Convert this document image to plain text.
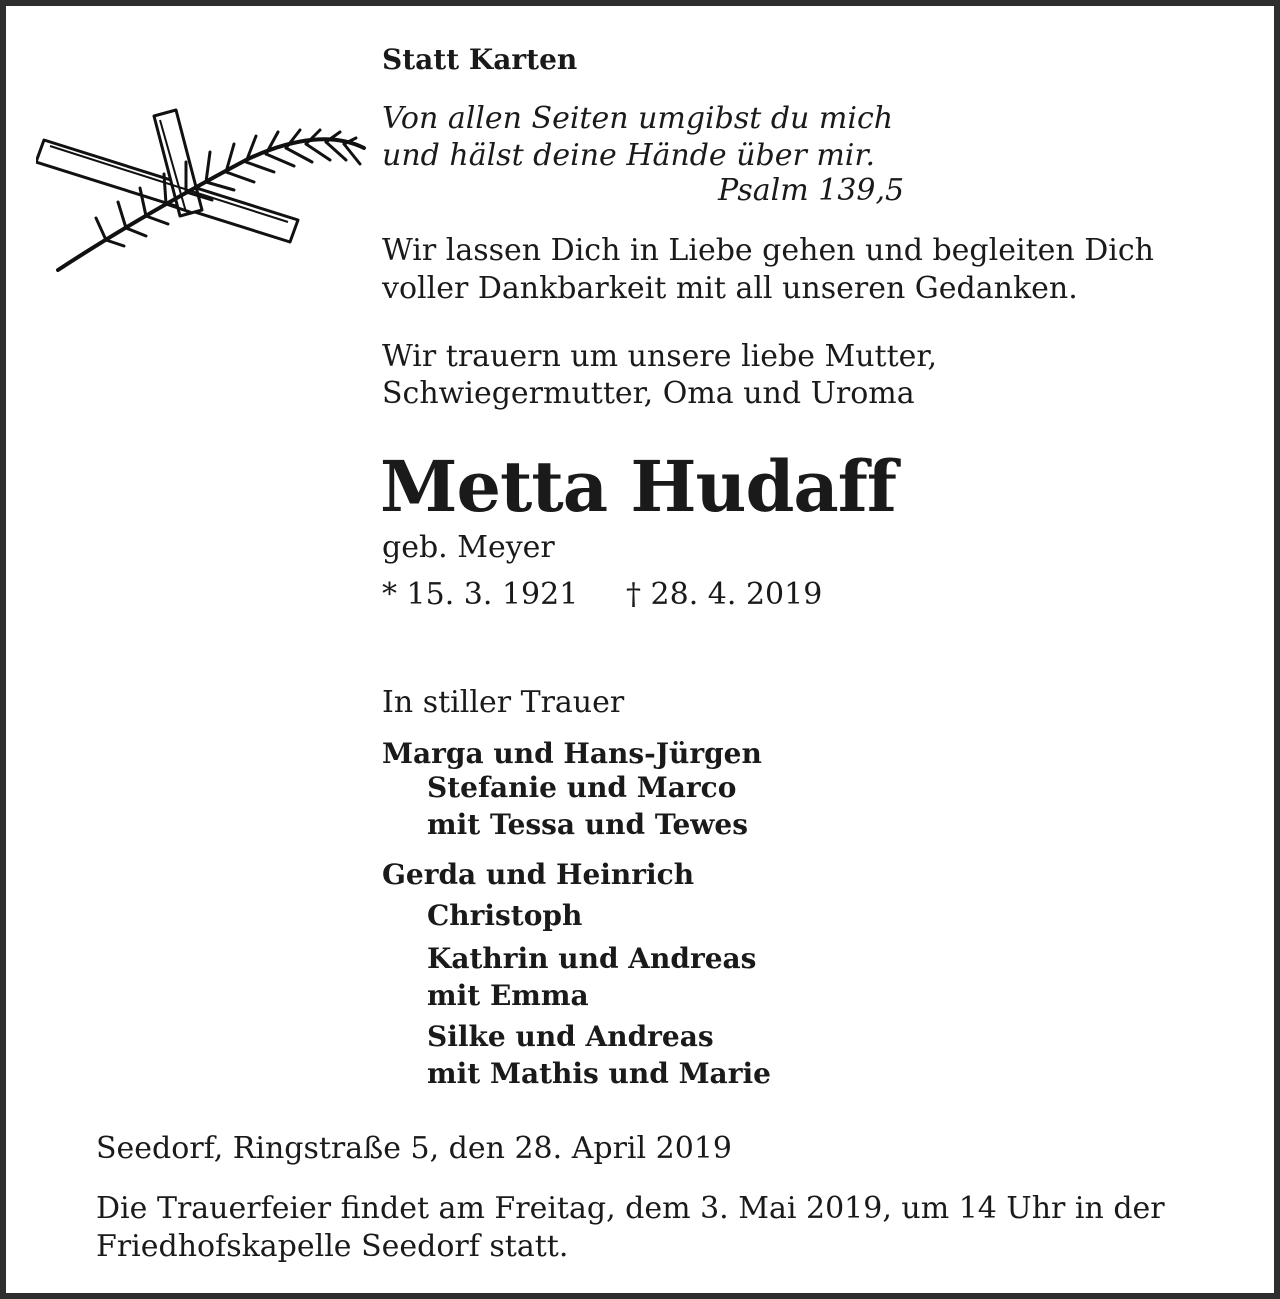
Statt Karten
Von allen Seiten umgibst du mich
und hälst deine Hände über mir.
Psalm 139,5
Wir lassen Dich in Liebe gehen und begleiten Dich
voller Dankbarkeit mit all unseren Gedanken.
Wir trauern um unsere liebe Mutter,
Schwiegermutter, Oma und Uroma
Metta Hudaff
geb. Meyer
* 15. 3. 1921 † 28. 4. 2019
In stiller Trauer
Marga und Hans-Jürgen
Stefanie und Marco
mit Tessa und Tewes
Gerda und Heinrich
Christoph
Kathrin und Andreas
mit Emma
Silke und Andreas
mit Mathis und Marie
Seedorf, Ringstraße 5, den 28. April 2019
Die Trauerfeier findet am Freitag, dem 3. Mai 2019, um 14 Uhr in der
Friedhofskapelle Seedorf statt.
